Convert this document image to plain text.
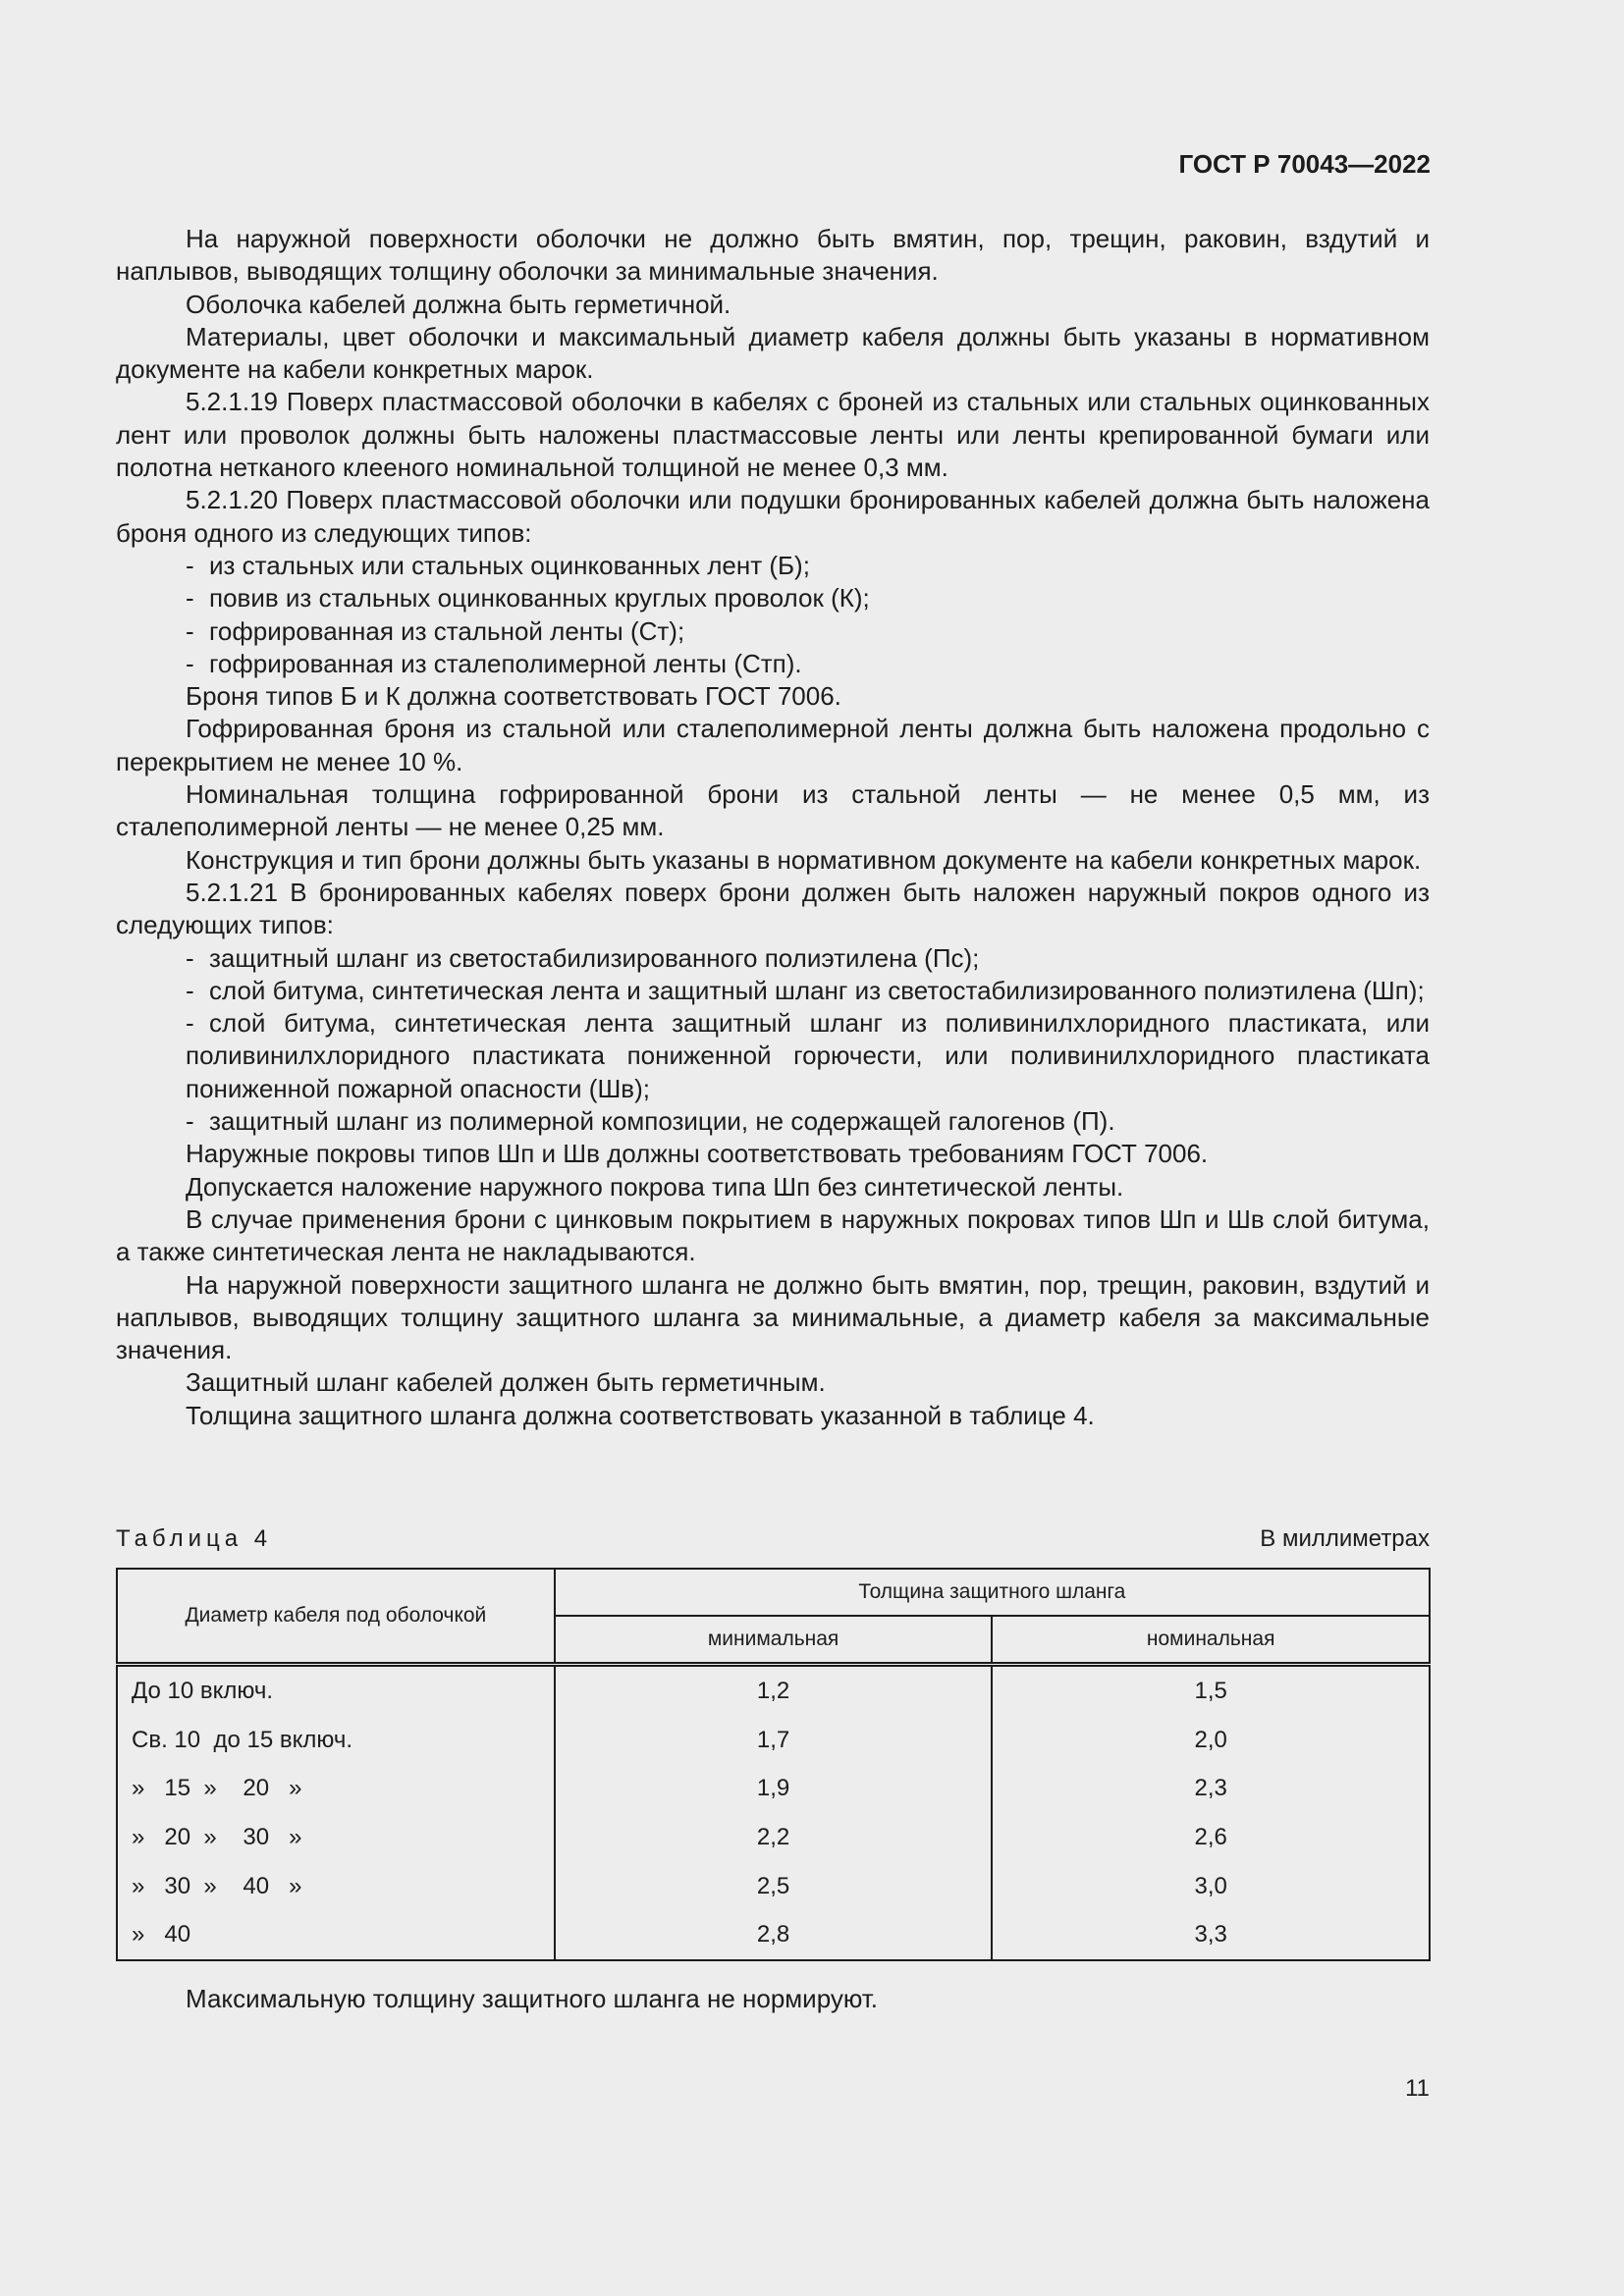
ГОСТ Р 70043—2022

На наружной поверхности оболочки не должно быть вмятин, пор, трещин, раковин, вздутий и наплывов, выводящих толщину оболочки за минимальные значения.

Оболочка кабелей должна быть герметичной.

Материалы, цвет оболочки и максимальный диаметр кабеля должны быть указаны в нормативном документе на кабели конкретных марок.

5.2.1.19 Поверх пластмассовой оболочки в кабелях с броней из стальных или стальных оцинкованных лент или проволок должны быть наложены пластмассовые ленты или ленты крепированной бумаги или полотна нетканого клееного номинальной толщиной не менее 0,3 мм.

5.2.1.20 Поверх пластмассовой оболочки или подушки бронированных кабелей должна быть наложена броня одного из следующих типов:

- из стальных или стальных оцинкованных лент (Б);

- повив из стальных оцинкованных круглых проволок (К);

- гофрированная из стальной ленты (Ст);

- гофрированная из сталеполимерной ленты (Стп).

Броня типов Б и К должна соответствовать ГОСТ 7006.

Гофрированная броня из стальной или сталеполимерной ленты должна быть наложена продольно с перекрытием не менее 10 %.

Номинальная толщина гофрированной брони из стальной ленты — не менее 0,5 мм, из сталеполимерной ленты — не менее 0,25 мм.

Конструкция и тип брони должны быть указаны в нормативном документе на кабели конкретных марок.

5.2.1.21 В бронированных кабелях поверх брони должен быть наложен наружный покров одного из следующих типов:

- защитный шланг из светостабилизированного полиэтилена (Пс);

- слой битума, синтетическая лента и защитный шланг из светостабилизированного полиэтилена (Шп);

- слой битума, синтетическая лента защитный шланг из поливинилхлоридного пластиката, или поливинилхлоридного пластиката пониженной горючести, или поливинилхлоридного пластиката пониженной пожарной опасности (Шв);

- защитный шланг из полимерной композиции, не содержащей галогенов (П).

Наружные покровы типов Шп и Шв должны соответствовать требованиям ГОСТ 7006.

Допускается наложение наружного покрова типа Шп без синтетической ленты.

В случае применения брони с цинковым покрытием в наружных покровах типов Шп и Шв слой битума, а также синтетическая лента не накладываются.

На наружной поверхности защитного шланга не должно быть вмятин, пор, трещин, раковин, вздутий и наплывов, выводящих толщину защитного шланга за минимальные, а диаметр кабеля за максимальные значения.

Защитный шланг кабелей должен быть герметичным.

Толщина защитного шланга должна соответствовать указанной в таблице 4.

Таблица 4	В миллиметрах
Диаметр кабеля под оболочкой	Толщина защитного шланга	
	минимальная	номинальная
До 10 включ.	1,2	1,5
Св. 10  до 15 включ.	1,7	2,0
»   15  »    20   »	1,9	2,3
»   20  »    30   »	2,2	2,6
»   30  »    40   »	2,5	3,0
»   40	2,8	3,3
Максимальную толщину защитного шланга не нормируют.
11
